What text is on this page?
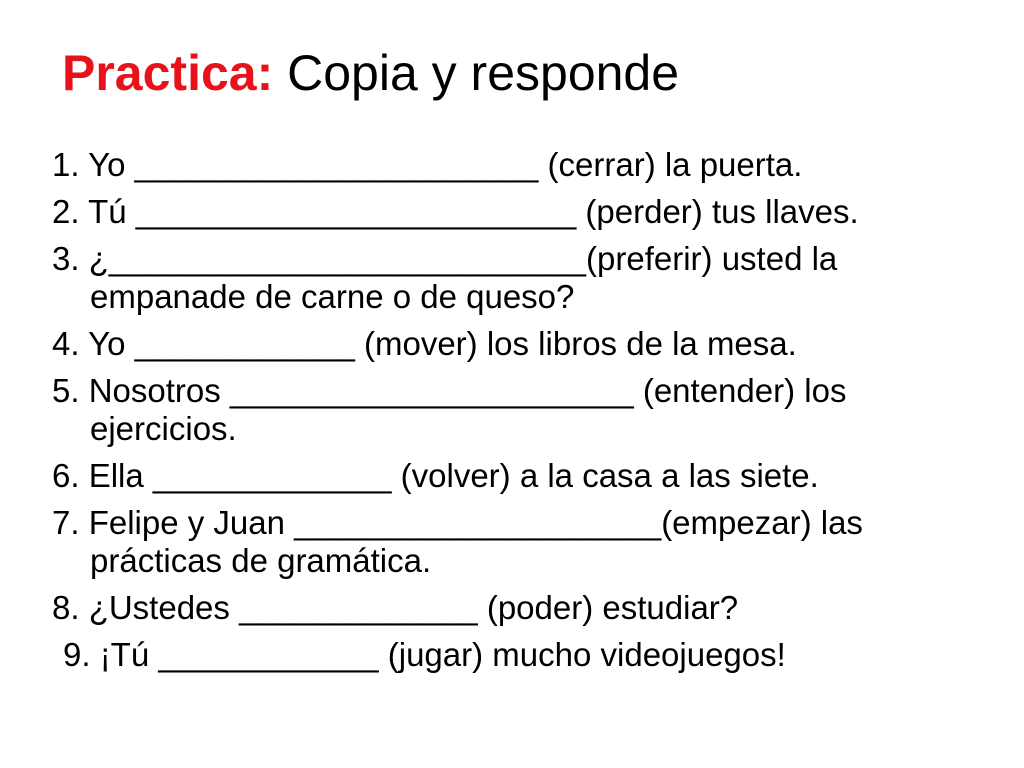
Practica: Copia y responde
1. Yo ______________________ (cerrar) la puerta.
2. Tú ________________________ (perder) tus llaves.
3. ¿__________________________(preferir) usted la empanade de carne o de queso?
4. Yo ____________ (mover) los libros de la mesa.
5. Nosotros ______________________ (entender) los ejercicios.
6. Ella _____________ (volver) a la casa a las siete.
7. Felipe y Juan ____________________(empezar) las prácticas de gramática.
8. ¿Ustedes _____________ (poder) estudiar?
9. ¡Tú ____________ (jugar) mucho videojuegos!
